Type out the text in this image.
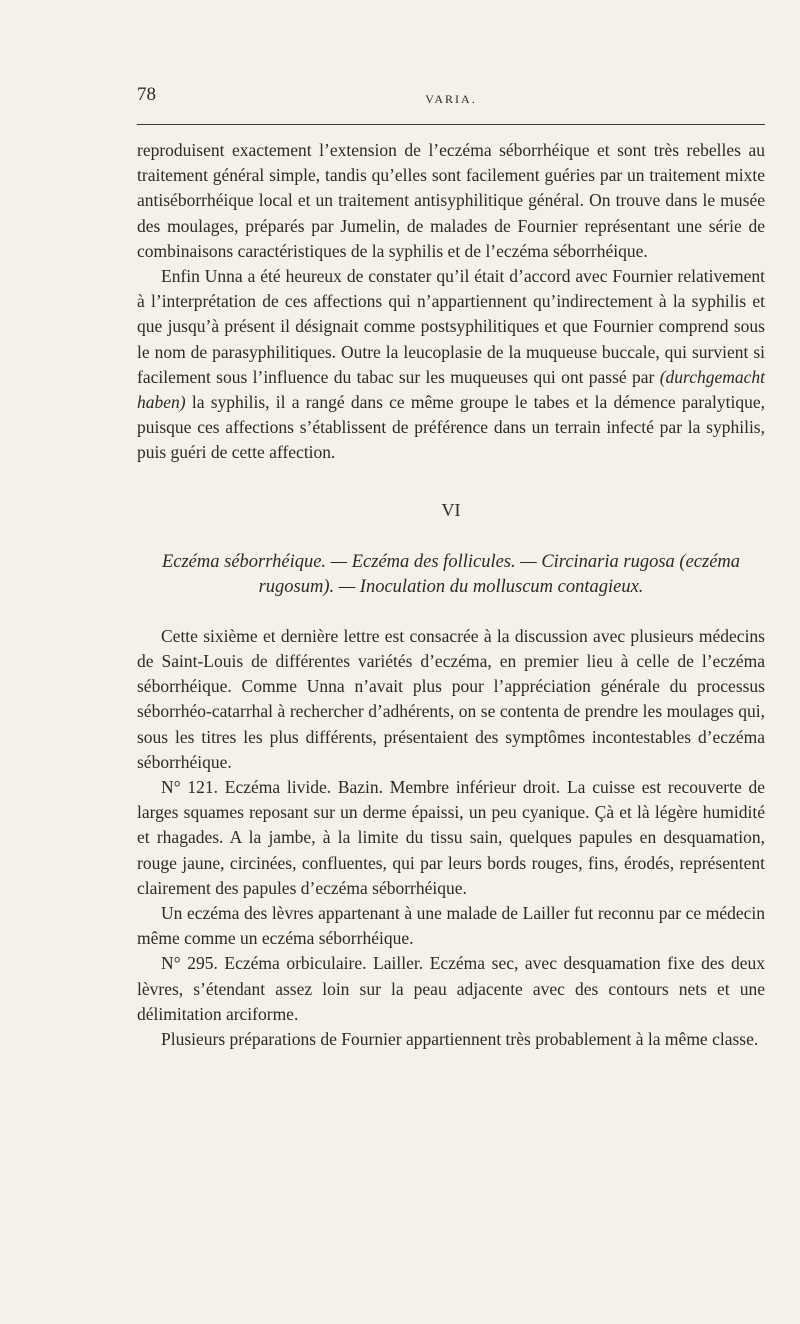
78	VARIA.

reproduisent exactement l’extension de l’eczéma séborrhéique et sont très rebelles au traitement général simple, tandis qu’elles sont facilement guéries par un traitement mixte antiséborrhéique local et un traitement antisyphilitique général. On trouve dans le musée des moulages, préparés par Jumelin, de malades de Fournier représentant une série de combinaisons caractéristiques de la syphilis et de l’eczéma séborrhéique.

Enfin Unna a été heureux de constater qu’il était d’accord avec Fournier relativement à l’interprétation de ces affections qui n’appartiennent qu’indirectement à la syphilis et que jusqu’à présent il désignait comme postsyphilitiques et que Fournier comprend sous le nom de parasyphilitiques. Outre la leucoplasie de la muqueuse buccale, qui survient si facilement sous l’influence du tabac sur les muqueuses qui ont passé par (durchgemacht haben) la syphilis, il a rangé dans ce même groupe le tabes et la démence paralytique, puisque ces affections s’établissent de préférence dans un terrain infecté par la syphilis, puis guéri de cette affection.

VI

Eczéma séborrhéique. — Eczéma des follicules. — Circinaria rugosa (eczéma rugosum). — Inoculation du molluscum contagieux.

Cette sixième et dernière lettre est consacrée à la discussion avec plusieurs médecins de Saint-Louis de différentes variétés d’eczéma, en premier lieu à celle de l’eczéma séborrhéique. Comme Unna n’avait plus pour l’appréciation générale du processus séborrhéo-catarrhal à rechercher d’adhérents, on se contenta de prendre les moulages qui, sous les titres les plus différents, présentaient des symptômes incontestables d’eczéma séborrhéique.

N° 121. Eczéma livide. Bazin. Membre inférieur droit. La cuisse est recouverte de larges squames reposant sur un derme épaissi, un peu cyanique. Çà et là légère humidité et rhagades. A la jambe, à la limite du tissu sain, quelques papules en desquamation, rouge jaune, circinées, confluentes, qui par leurs bords rouges, fins, érodés, représentent clairement des papules d’eczéma séborrhéique.

Un eczéma des lèvres appartenant à une malade de Lailler fut reconnu par ce médecin même comme un eczéma séborrhéique.

N° 295. Eczéma orbiculaire. Lailler. Eczéma sec, avec desquamation fixe des deux lèvres, s’étendant assez loin sur la peau adjacente avec des contours nets et une délimitation arciforme.

Plusieurs préparations de Fournier appartiennent très probablement à la même classe.
